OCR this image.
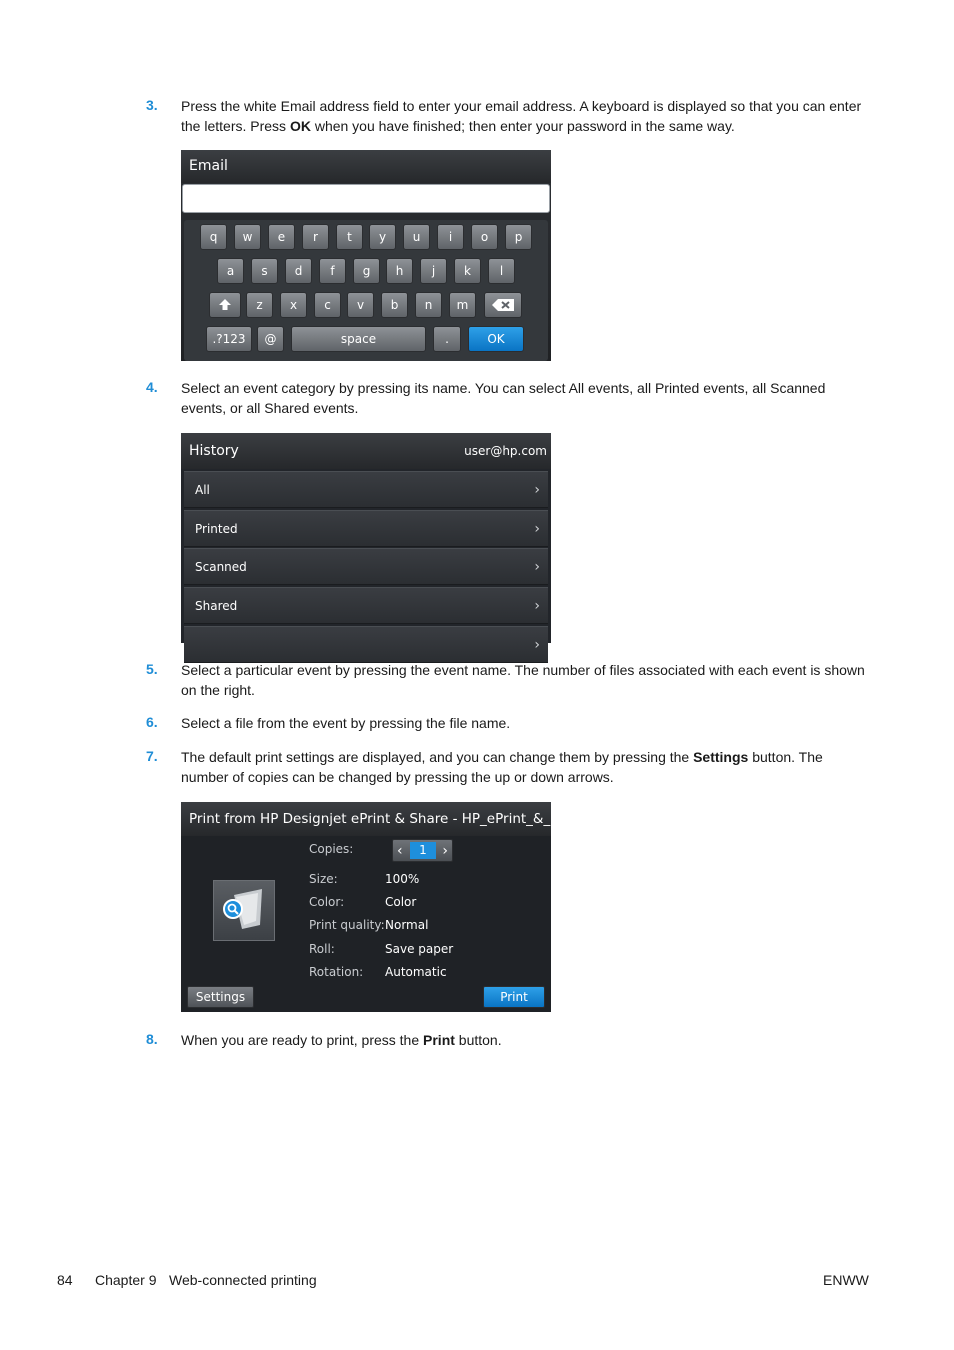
3. Press the white Email address field to enter your email address. A keyboard is displayed so that you can enter the letters. Press OK when you have finished; then enter your password in the same way.

Email
q	w	e	r	t	y	u	i	o	p
a	s	d	f	g	h	j	k	l
z	x	c	v	b	n	m
.?123	@	space	.	OK
4. Select an event category by pressing its name. You can select All events, all Printed events, all Scanned events, or all Shared events.

History	user@hp.com
All	›
Printed	›
Scanned	›
Shared	›
›
5. Select a particular event by pressing the event name. The number of files associated with each event is shown on the right.

6. Select a file from the event by pressing the file name.

7. The default print settings are displayed, and you can change them by pressing the Settings button. The number of copies can be changed by pressing the up or down arrows.

Print from HP Designjet ePrint & Share - HP_ePrint_&_S...
Copies:	‹	1	›
Size:	100%
Color:	Color
Print quality: Normal
Roll:	Save paper
Rotation: Automatic
Settings	Print
8. When you are ready to print, press the Print button.

84 Chapter 9 Web-connected printing	ENWW
